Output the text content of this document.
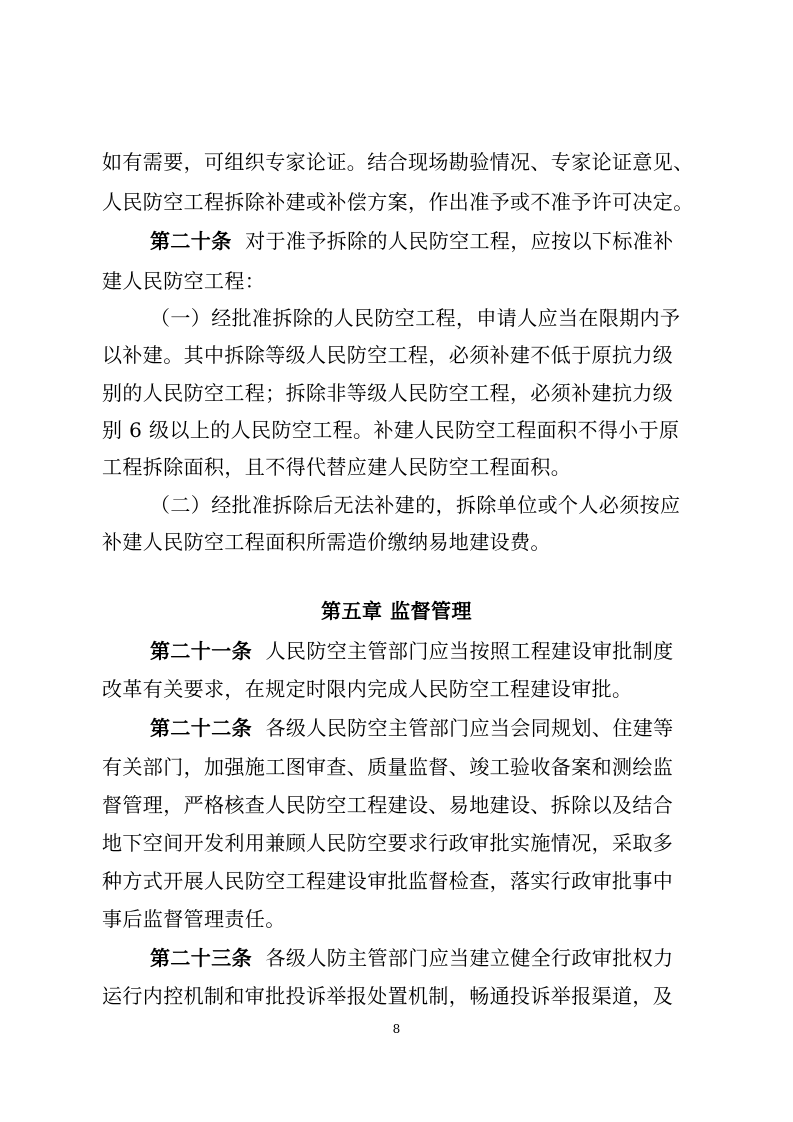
如有需要，可组织专家论证。结合现场勘验情况、专家论证意见、
人民防空工程拆除补建或补偿方案，作出准予或不准予许可决定。
第二十条 对于准予拆除的人民防空工程，应按以下标准补
建人民防空工程：
（一）经批准拆除的人民防空工程，申请人应当在限期内予
以补建。其中拆除等级人民防空工程，必须补建不低于原抗力级
别的人民防空工程；拆除非等级人民防空工程，必须补建抗力级
别 6 级以上的人民防空工程。补建人民防空工程面积不得小于原
工程拆除面积，且不得代替应建人民防空工程面积。
（二）经批准拆除后无法补建的，拆除单位或个人必须按应
补建人民防空工程面积所需造价缴纳易地建设费。
第五章 监督管理
第二十一条 人民防空主管部门应当按照工程建设审批制度
改革有关要求，在规定时限内完成人民防空工程建设审批。
第二十二条 各级人民防空主管部门应当会同规划、住建等
有关部门，加强施工图审查、质量监督、竣工验收备案和测绘监
督管理，严格核查人民防空工程建设、易地建设、拆除以及结合
地下空间开发利用兼顾人民防空要求行政审批实施情况，采取多
种方式开展人民防空工程建设审批监督检查，落实行政审批事中
事后监督管理责任。
第二十三条 各级人防主管部门应当建立健全行政审批权力
运行内控机制和审批投诉举报处置机制，畅通投诉举报渠道，及
8
